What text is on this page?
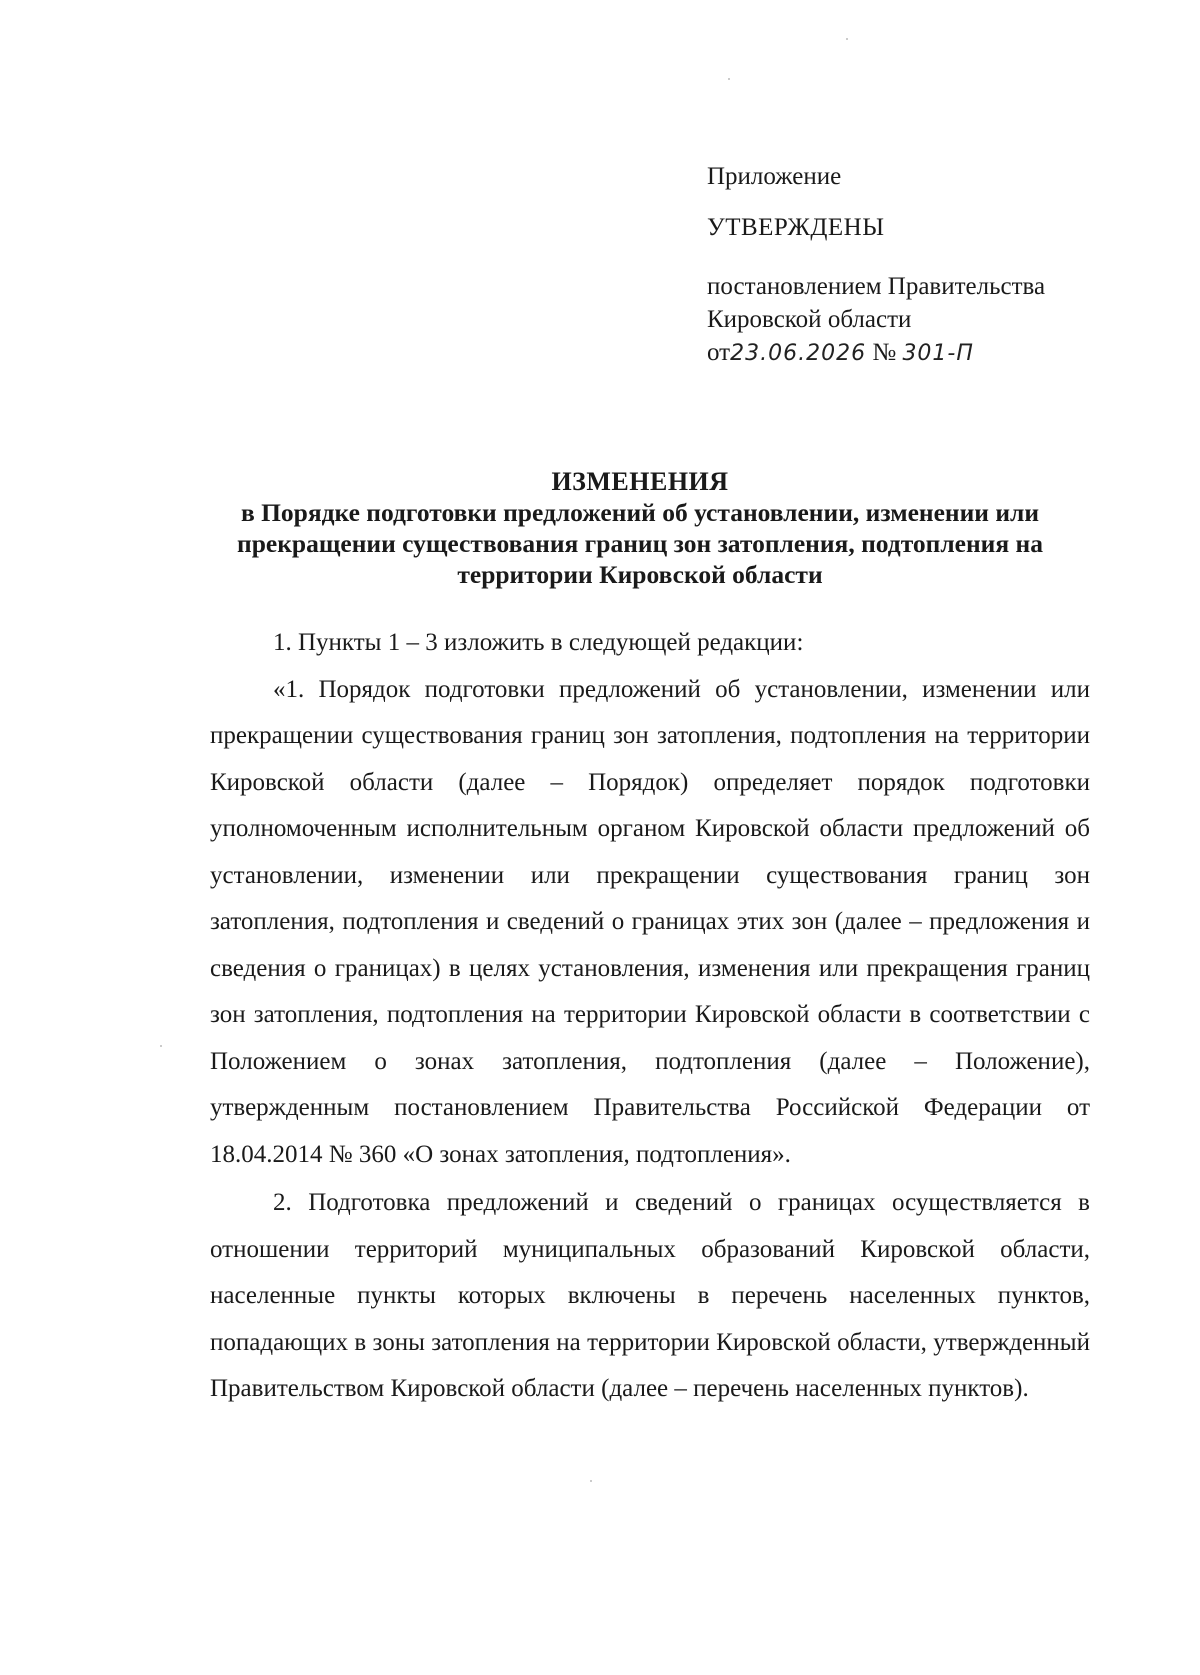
Приложение
УТВЕРЖДЕНЫ
постановлением Правительства
Кировской области
от23.06.2026 № 301-П
ИЗМЕНЕНИЯ
в Порядке подготовки предложений об установлении, изменении или прекращении существования границ зон затопления, подтопления на территории Кировской области

1. Пункты 1 – 3 изложить в следующей редакции:

«1. Порядок подготовки предложений об установлении, изменении или прекращении существования границ зон затопления, подтопления на территории Кировской области (далее – Порядок) определяет порядок подготовки уполномоченным исполнительным органом Кировской области предложений об установлении, изменении или прекращении существования границ зон затопления, подтопления и сведений о границах этих зон (далее – предложения и сведения о границах) в целях установления, изменения или прекращения границ зон затопления, подтопления на территории Кировской области в соответствии с Положением о зонах затопления, подтопления (далее – Положение), утвержденным постановлением Правительства Российской Федерации от 18.04.2014 № 360 «О зонах затопления, подтопления».

2. Подготовка предложений и сведений о границах осуществляется в отношении территорий муниципальных образований Кировской области, населенные пункты которых включены в перечень населенных пунктов, попадающих в зоны затопления на территории Кировской области, утвержденный Правительством Кировской области (далее – перечень населенных пунктов).
